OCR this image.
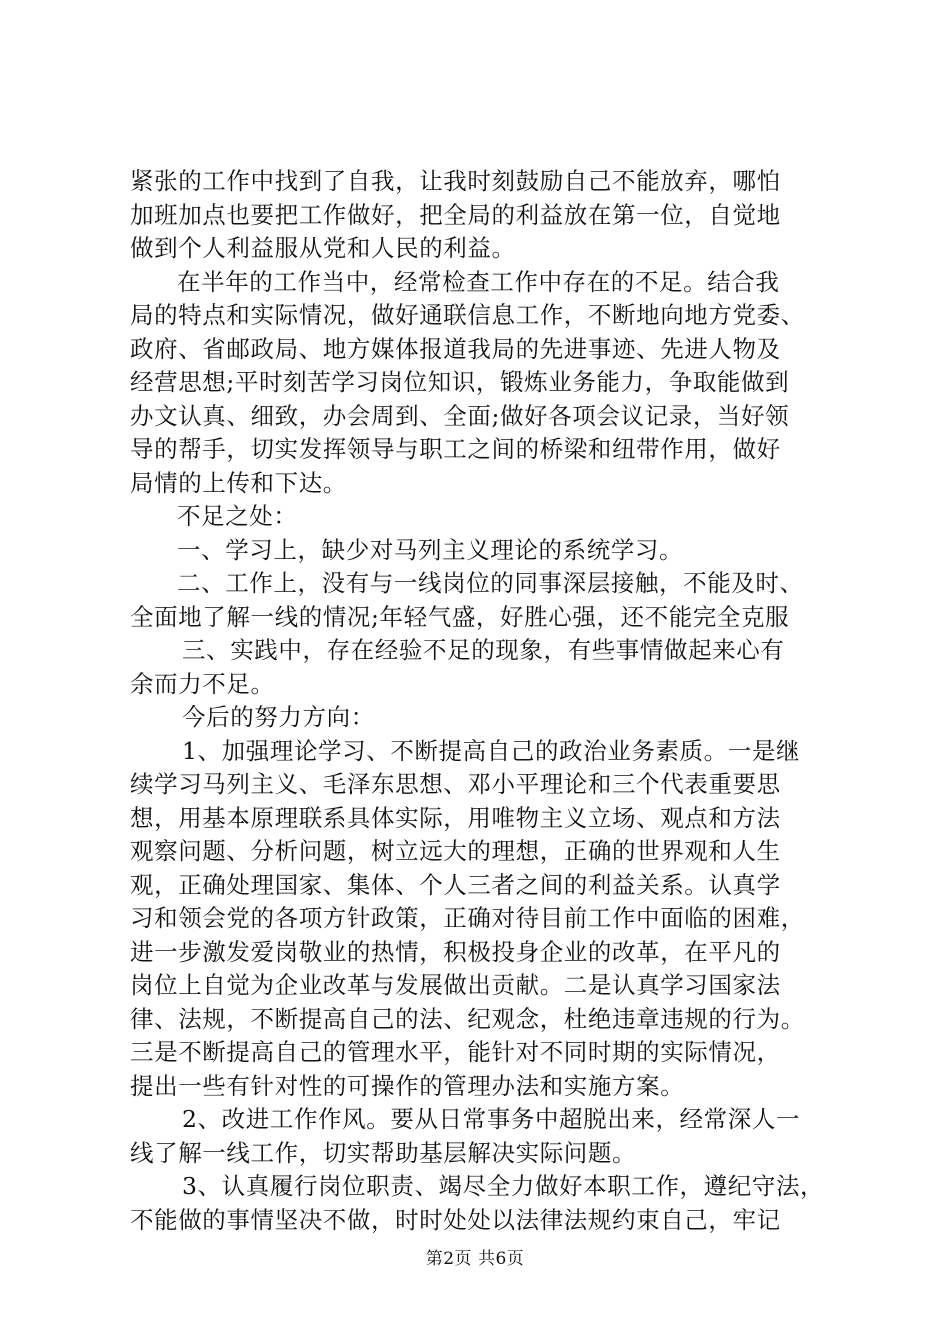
紧张的工作中找到了自我，让我时刻鼓励自己不能放弃，哪怕
加班加点也要把工作做好，把全局的利益放在第一位，自觉地
做到个人利益服从党和人民的利益。
在半年的工作当中，经常检查工作中存在的不足。结合我
局的特点和实际情况，做好通联信息工作，不断地向地方党委、
政府、省邮政局、地方媒体报道我局的先进事迹、先进人物及
经营思想;平时刻苦学习岗位知识，锻炼业务能力，争取能做到
办文认真、细致，办会周到、全面;做好各项会议记录，当好领
导的帮手，切实发挥领导与职工之间的桥梁和纽带作用，做好
局情的上传和下达。
不足之处：
一、学习上，缺少对马列主义理论的系统学习。
二、工作上，没有与一线岗位的同事深层接触，不能及时、
全面地了解一线的情况;年轻气盛，好胜心强，还不能完全克服
三、实践中，存在经验不足的现象，有些事情做起来心有
余而力不足。
今后的努力方向：
1、加强理论学习、不断提高自己的政治业务素质。一是继
续学习马列主义、毛泽东思想、邓小平理论和三个代表重要思
想，用基本原理联系具体实际，用唯物主义立场、观点和方法
观察问题、分析问题，树立远大的理想，正确的世界观和人生
观，正确处理国家、集体、个人三者之间的利益关系。认真学
习和领会党的各项方针政策，正确对待目前工作中面临的困难，
进一步激发爱岗敬业的热情，积极投身企业的改革，在平凡的
岗位上自觉为企业改革与发展做出贡献。二是认真学习国家法
律、法规，不断提高自己的法、纪观念，杜绝违章违规的行为。
三是不断提高自己的管理水平，能针对不同时期的实际情况，
提出一些有针对性的可操作的管理办法和实施方案。
2、改进工作作风。要从日常事务中超脱出来，经常深人一
线了解一线工作，切实帮助基层解决实际问题。
3、认真履行岗位职责、竭尽全力做好本职工作，遵纪守法，
不能做的事情坚决不做，时时处处以法律法规约束自己，牢记
第2页 共6页
